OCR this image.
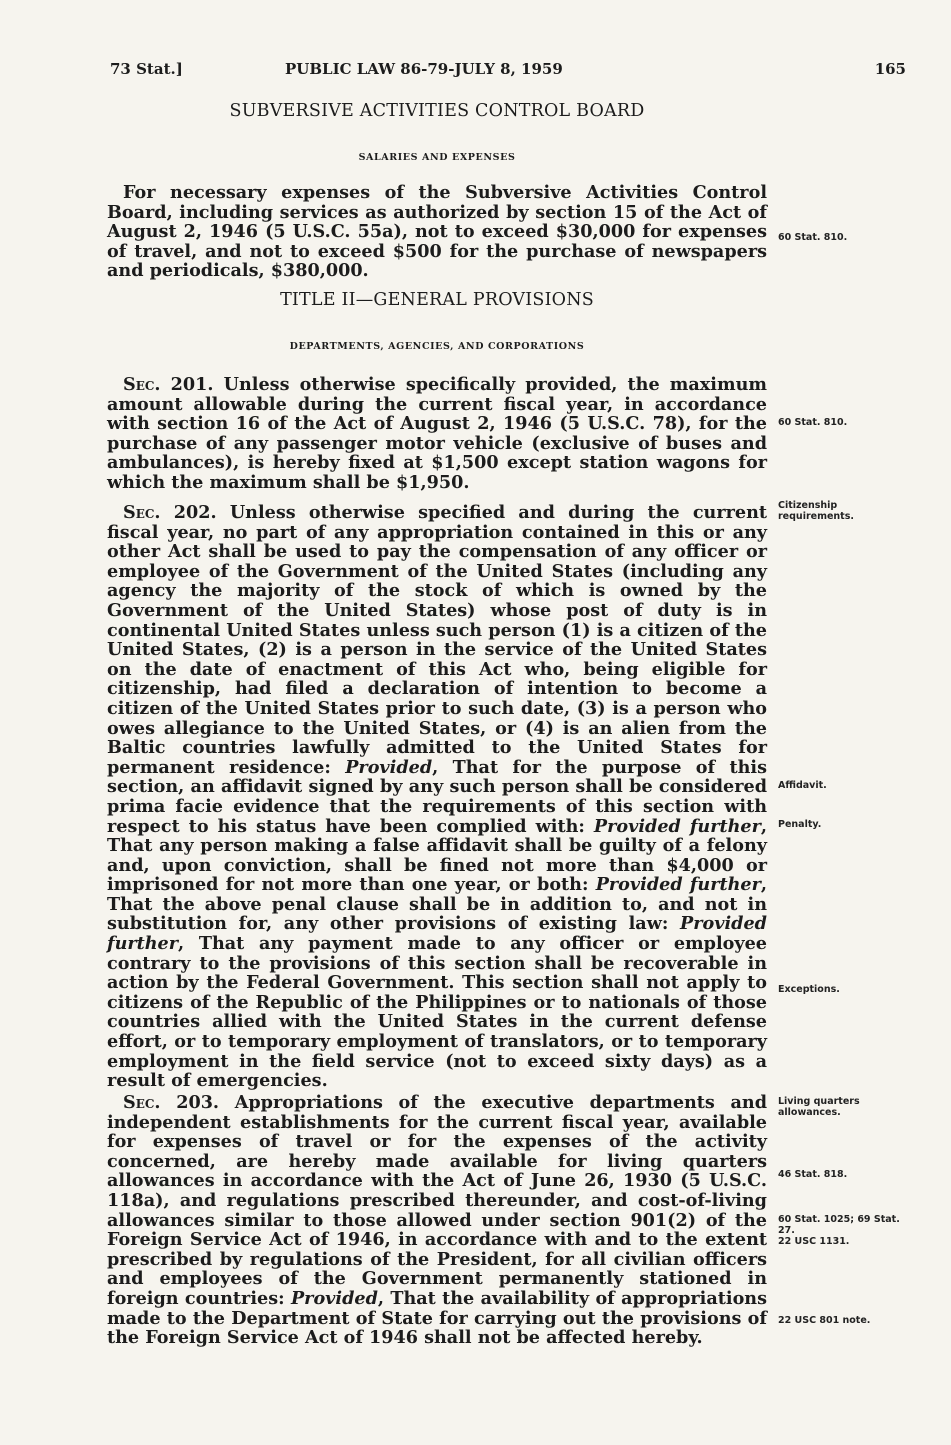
73 Stat.]	PUBLIC LAW 86-79-JULY 8, 1959	165
SUBVERSIVE ACTIVITIES CONTROL BOARD
SALARIES AND EXPENSES

For necessary expenses of the Subversive Activities Control Board, including services as authorized by section 15 of the Act of August 2, 1946 (5 U.S.C. 55a), not to exceed $30,000 for expenses of travel, and not to exceed $500 for the purchase of newspapers and periodicals, $380,000.

TITLE II—GENERAL PROVISIONS
DEPARTMENTS, AGENCIES, AND CORPORATIONS

Sec. 201. Unless otherwise specifically provided, the maximum amount allowable during the current fiscal year, in accordance with section 16 of the Act of August 2, 1946 (5 U.S.C. 78), for the purchase of any passenger motor vehicle (exclusive of buses and ambulances), is hereby fixed at $1,500 except station wagons for which the maximum shall be $1,950.

Sec. 202. Unless otherwise specified and during the current fiscal year, no part of any appropriation contained in this or any other Act shall be used to pay the compensation of any officer or employee of the Government of the United States (including any agency the majority of the stock of which is owned by the Government of the United States) whose post of duty is in continental United States unless such person (1) is a citizen of the United States, (2) is a person in the service of the United States on the date of enactment of this Act who, being eligible for citizenship, had filed a declaration of intention to become a citizen of the United States prior to such date, (3) is a person who owes allegiance to the United States, or (4) is an alien from the Baltic countries lawfully admitted to the United States for permanent residence: Provided, That for the purpose of this section, an affidavit signed by any such person shall be considered prima facie evidence that the requirements of this section with respect to his status have been complied with: Provided further, That any person making a false affidavit shall be guilty of a felony and, upon conviction, shall be fined not more than $4,000 or imprisoned for not more than one year, or both: Provided further, That the above penal clause shall be in addition to, and not in substitution for, any other provisions of existing law: Provided further, That any payment made to any officer or employee contrary to the provisions of this section shall be recoverable in action by the Federal Government. This section shall not apply to citizens of the Republic of the Philippines or to nationals of those countries allied with the United States in the current defense effort, or to temporary employment of translators, or to temporary employment in the field service (not to exceed sixty days) as a result of emergencies.

Sec. 203. Appropriations of the executive departments and independent establishments for the current fiscal year, available for expenses of travel or for the expenses of the activity concerned, are hereby made available for living quarters allowances in accordance with the Act of June 26, 1930 (5 U.S.C. 118a), and regulations prescribed thereunder, and cost-of-living allowances similar to those allowed under section 901(2) of the Foreign Service Act of 1946, in accordance with and to the extent prescribed by regulations of the President, for all civilian officers and employees of the Government permanently stationed in foreign countries: Provided, That the availability of appropriations made to the Department of State for carrying out the provisions of the Foreign Service Act of 1946 shall not be affected hereby.

60 Stat. 810.
60 Stat. 810.
Citizenship requirements.
Affidavit.
Penalty.
Exceptions.
Living quarters allowances.
46 Stat. 818.
60 Stat. 1025; 69 Stat. 27.
22 USC 1131.
22 USC 801 note.
